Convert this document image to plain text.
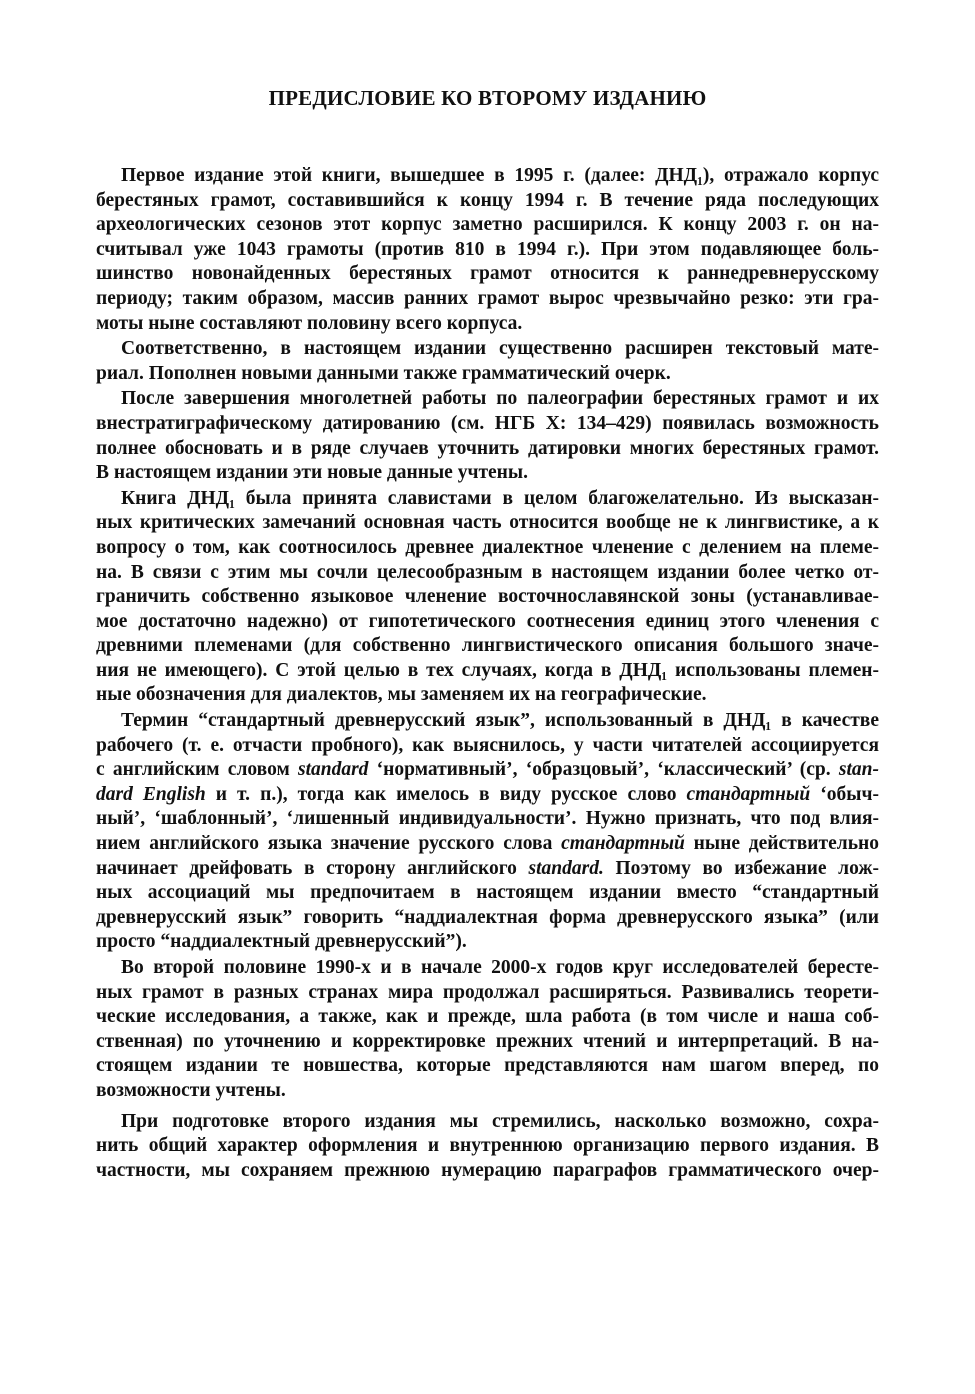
ПРЕДИСЛОВИЕ КО ВТОРОМУ ИЗДАНИЮ
Первое издание этой книги, вышедшее в 1995 г. (далее: ДНД₁), отражало корпус
берестяных грамот, составившийся к концу 1994 г. В течение ряда последующих
археологических сезонов этот корпус заметно расширился. К концу 2003 г. он на-
считывал уже 1043 грамоты (против 810 в 1994 г.). При этом подавляющее боль-
шинство новонайденных берестяных грамот относится к раннедревнерусскому
периоду; таким образом, массив ранних грамот вырос чрезвычайно резко: эти гра-
моты ныне составляют половину всего корпуса.
Соответственно, в настоящем издании существенно расширен текстовый мате-
риал. Пополнен новыми данными также грамматический очерк.
После завершения многолетней работы по палеографии берестяных грамот и их
внестратиграфическому датированию (см. НГБ X: 134–429) появилась возможность
полнее обосновать и в ряде случаев уточнить датировки многих берестяных грамот.
В настоящем издании эти новые данные учтены.
Книга ДНД₁ была принята славистами в целом благожелательно. Из высказан-
ных критических замечаний основная часть относится вообще не к лингвистике, а к
вопросу о том, как соотносилось древнее диалектное членение с делением на племе-
на. В связи с этим мы сочли целесообразным в настоящем издании более четко от-
граничить собственно языковое членение восточнославянской зоны (устанавливае-
мое достаточно надежно) от гипотетического соотнесения единиц этого членения с
древними племенами (для собственно лингвистического описания большого значе-
ния не имеющего). С этой целью в тех случаях, когда в ДНД₁ использованы племен-
ные обозначения для диалектов, мы заменяем их на географические.
Термин “стандартный древнерусский язык”, использованный в ДНД₁ в качестве
рабочего (т. е. отчасти пробного), как выяснилось, у части читателей ассоциируется
с английским словом standard ‘нормативный’, ‘образцовый’, ‘классический’ (ср. stan-
dard English и т. п.), тогда как имелось в виду русское слово стандартный ‘обыч-
ный’, ‘шаблонный’, ‘лишенный индивидуальности’. Нужно признать, что под влия-
нием английского языка значение русского слова стандартный ныне действительно
начинает дрейфовать в сторону английского standard. Поэтому во избежание лож-
ных ассоциаций мы предпочитаем в настоящем издании вместо “стандартный
древнерусский язык” говорить “наддиалектная форма древнерусского языка” (или
просто “наддиалектный древнерусский”).
Во второй половине 1990-х и в начале 2000-х годов круг исследователей бересте-
ных грамот в разных странах мира продолжал расширяться. Развивались теорети-
ческие исследования, а также, как и прежде, шла работа (в том числе и наша соб-
ственная) по уточнению и корректировке прежних чтений и интерпретаций. В на-
стоящем издании те новшества, которые представляются нам шагом вперед, по
возможности учтены.
При подготовке второго издания мы стремились, насколько возможно, сохра-
нить общий характер оформления и внутреннюю организацию первого издания. В
частности, мы сохраняем прежнюю нумерацию параграфов грамматического очер-
